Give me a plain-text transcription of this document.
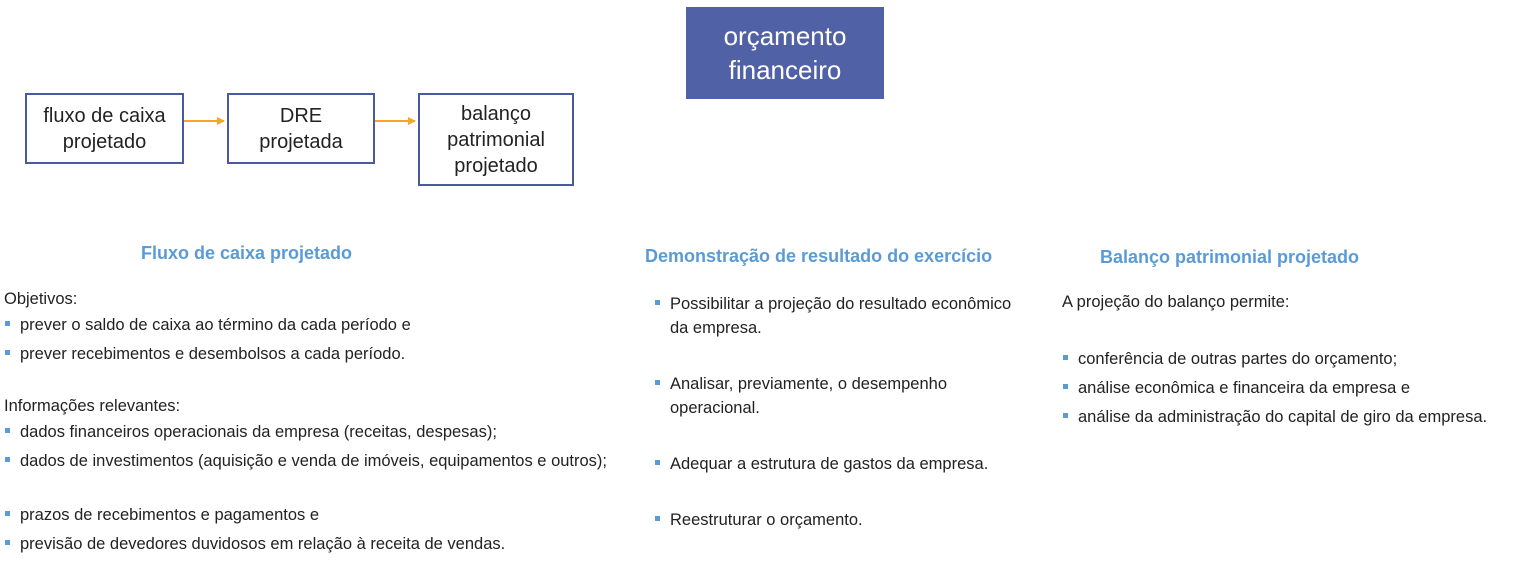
orçamento
financeiro
fluxo de caixa
projetado
DRE
projetada
balanço
patrimonial
projetado
Fluxo de caixa projetado	Demonstração de resultado do exercício	Balanço patrimonial projetado
Objetivos:
prever o saldo de caixa ao término da cada período e
prever recebimentos e desembolsos a cada período.
Informações relevantes:
dados financeiros operacionais da empresa (receitas, despesas);
dados de investimentos (aquisição e venda de imóveis, equipamentos e outros);
prazos de recebimentos e pagamentos e
previsão de devedores duvidosos em relação à receita de vendas.
Possibilitar a projeção do resultado econômico da empresa.
Analisar, previamente, o desempenho operacional.
Adequar a estrutura de gastos da empresa.
Reestruturar o orçamento.
A projeção do balanço permite:
conferência de outras partes do orçamento;
análise econômica e financeira da empresa e
análise da administração do capital de giro da empresa.
